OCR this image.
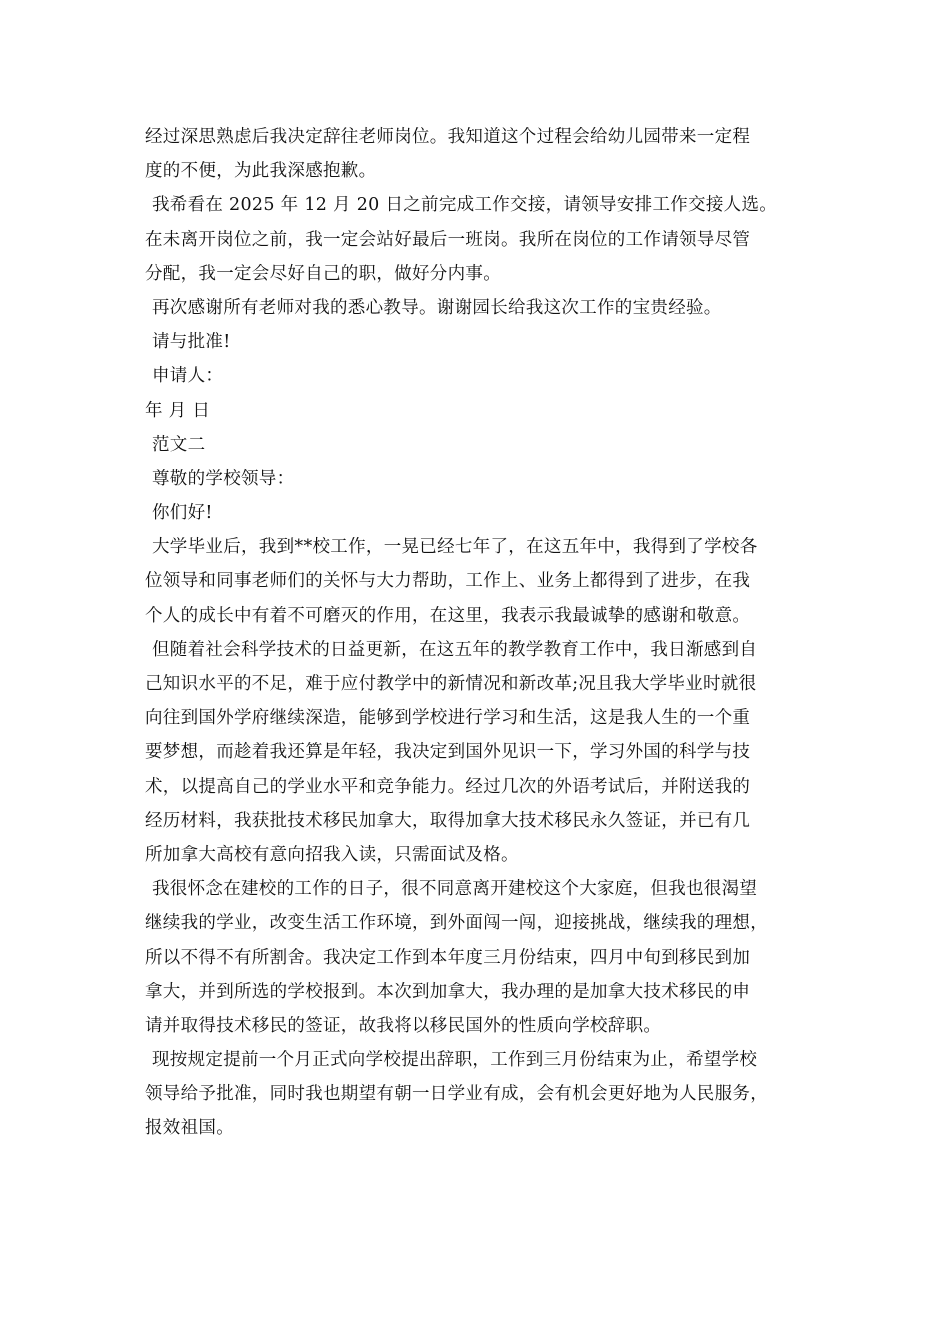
经过深思熟虑后我决定辞往老师岗位。我知道这个过程会给幼儿园带来一定程
度的不便，为此我深感抱歉。
我希看在 2025 年 12 月 20 日之前完成工作交接，请领导安排工作交接人选。
在未离开岗位之前，我一定会站好最后一班岗。我所在岗位的工作请领导尽管
分配，我一定会尽好自己的职，做好分内事。
再次感谢所有老师对我的悉心教导。谢谢园长给我这次工作的宝贵经验。
请与批准!
申请人：
年 月 日
范文二
尊敬的学校领导：
你们好!
大学毕业后，我到**校工作，一晃已经七年了，在这五年中，我得到了学校各
位领导和同事老师们的关怀与大力帮助，工作上、业务上都得到了进步，在我
个人的成长中有着不可磨灭的作用，在这里，我表示我最诚挚的感谢和敬意。
但随着社会科学技术的日益更新，在这五年的教学教育工作中，我日渐感到自
己知识水平的不足，难于应付教学中的新情况和新改革;况且我大学毕业时就很
向往到国外学府继续深造，能够到学校进行学习和生活，这是我人生的一个重
要梦想，而趁着我还算是年轻，我决定到国外见识一下，学习外国的科学与技
术，以提高自己的学业水平和竞争能力。经过几次的外语考试后，并附送我的
经历材料，我获批技术移民加拿大，取得加拿大技术移民永久签证，并已有几
所加拿大高校有意向招我入读，只需面试及格。
我很怀念在建校的工作的日子，很不同意离开建校这个大家庭，但我也很渴望
继续我的学业，改变生活工作环境，到外面闯一闯，迎接挑战，继续我的理想，
所以不得不有所割舍。我决定工作到本年度三月份结束，四月中旬到移民到加
拿大，并到所选的学校报到。本次到加拿大，我办理的是加拿大技术移民的申
请并取得技术移民的签证，故我将以移民国外的性质向学校辞职。
现按规定提前一个月正式向学校提出辞职，工作到三月份结束为止，希望学校
领导给予批准，同时我也期望有朝一日学业有成，会有机会更好地为人民服务，
报效祖国。
